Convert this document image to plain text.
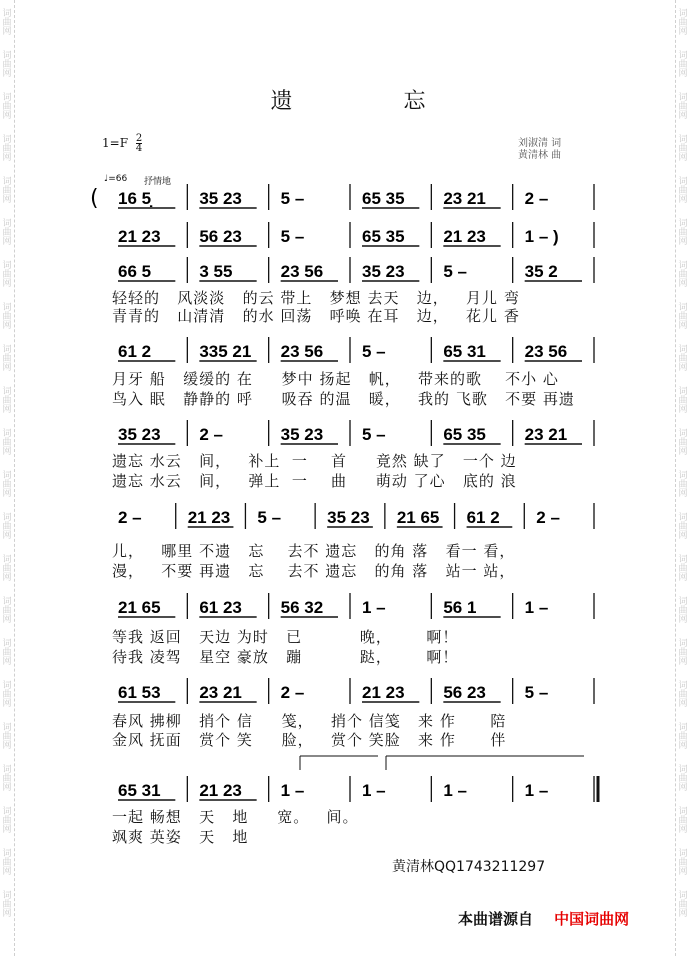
词
曲
网
词
曲
网
词
曲
网
词
曲
网
词
曲
网
词
曲
网
词
曲
网
词
曲
网
词
曲
网
词
曲
网
词
曲
网
词
曲
网
词
曲
网
词
曲
网
词
曲
网
词
曲
网
词
曲
网
词
曲
网
词
曲
网
词
曲
网
词
曲
网
词
曲
网
词
曲
网
词
曲
网
词
曲
网
词
曲
网
词
曲
网
词
曲
网
词
曲
网
词
曲
网
词
曲
网
词
曲
网
词
曲
网
词
曲
网
词
曲
网
词
曲
网
词
曲
网
词
曲
网
词
曲
网
词
曲
网
词
曲
网
词
曲
网
词
曲
网
词
曲
网
遗 忘
$1=F \frac{2}{4}$	刘淑清 词
黄清林 曲
♩=66 抒情地
( 16 5̣	35 23 5 –	65 35 23 21 2 –
21 23 56 23 5 –	65 35 21 23 1 – )
66 5	3 55	23 56 35 23 5 –	35 2
61 2	335 21 23 56 5 –	65 31 23 56
35 23 2 –	35 23 5 –	65 35 23 21
2 –	21 23 5 –	35 23 21 65 61 2 2 –
21 65 61 23 56 32 1 –	56 1	1 –
61 53 23 21 2 –	21 23 56 23 5 –
65 31 21 23 1 –	1 –	1 –	1 –
轻轻的   风淡淡   的云 带上   梦想 去天   边，   月儿 弯
青青的   山清清   的水 回荡   呼唤 在耳   边，   花儿 香
月牙 船   缓缓的 在     梦中 扬起   帆，   带来的歌    不小 心
鸟入 眠   静静的 呼     吸吞 的温   暖，   我的 飞歌   不要 再遗
遗忘 水云   间，   补上  一    首     竟然 缺了   一个 边
遗忘 水云   间，   弹上  一    曲     萌动 了心   底的 浪
儿，   哪里 不遗   忘    去不 遗忘   的角 落   看一 看，
漫，   不要 再遗   忘    去不 遗忘   的角 落   站一 站，
等我 返回   天边 为时   已          晚，      啊！
待我 凌驾   星空 豪放   蹦          跶，      啊！
春风 拂柳   捎个 信     笺，   捎个 信笺   来 作      陪
金风 抚面   赏个 笑     脸，   赏个 笑脸   来 作      伴
一起 畅想   天   地     宽。   间。
飒爽 英姿   天   地
黄清林QQ1743211297
本曲谱源自 中国词曲网
